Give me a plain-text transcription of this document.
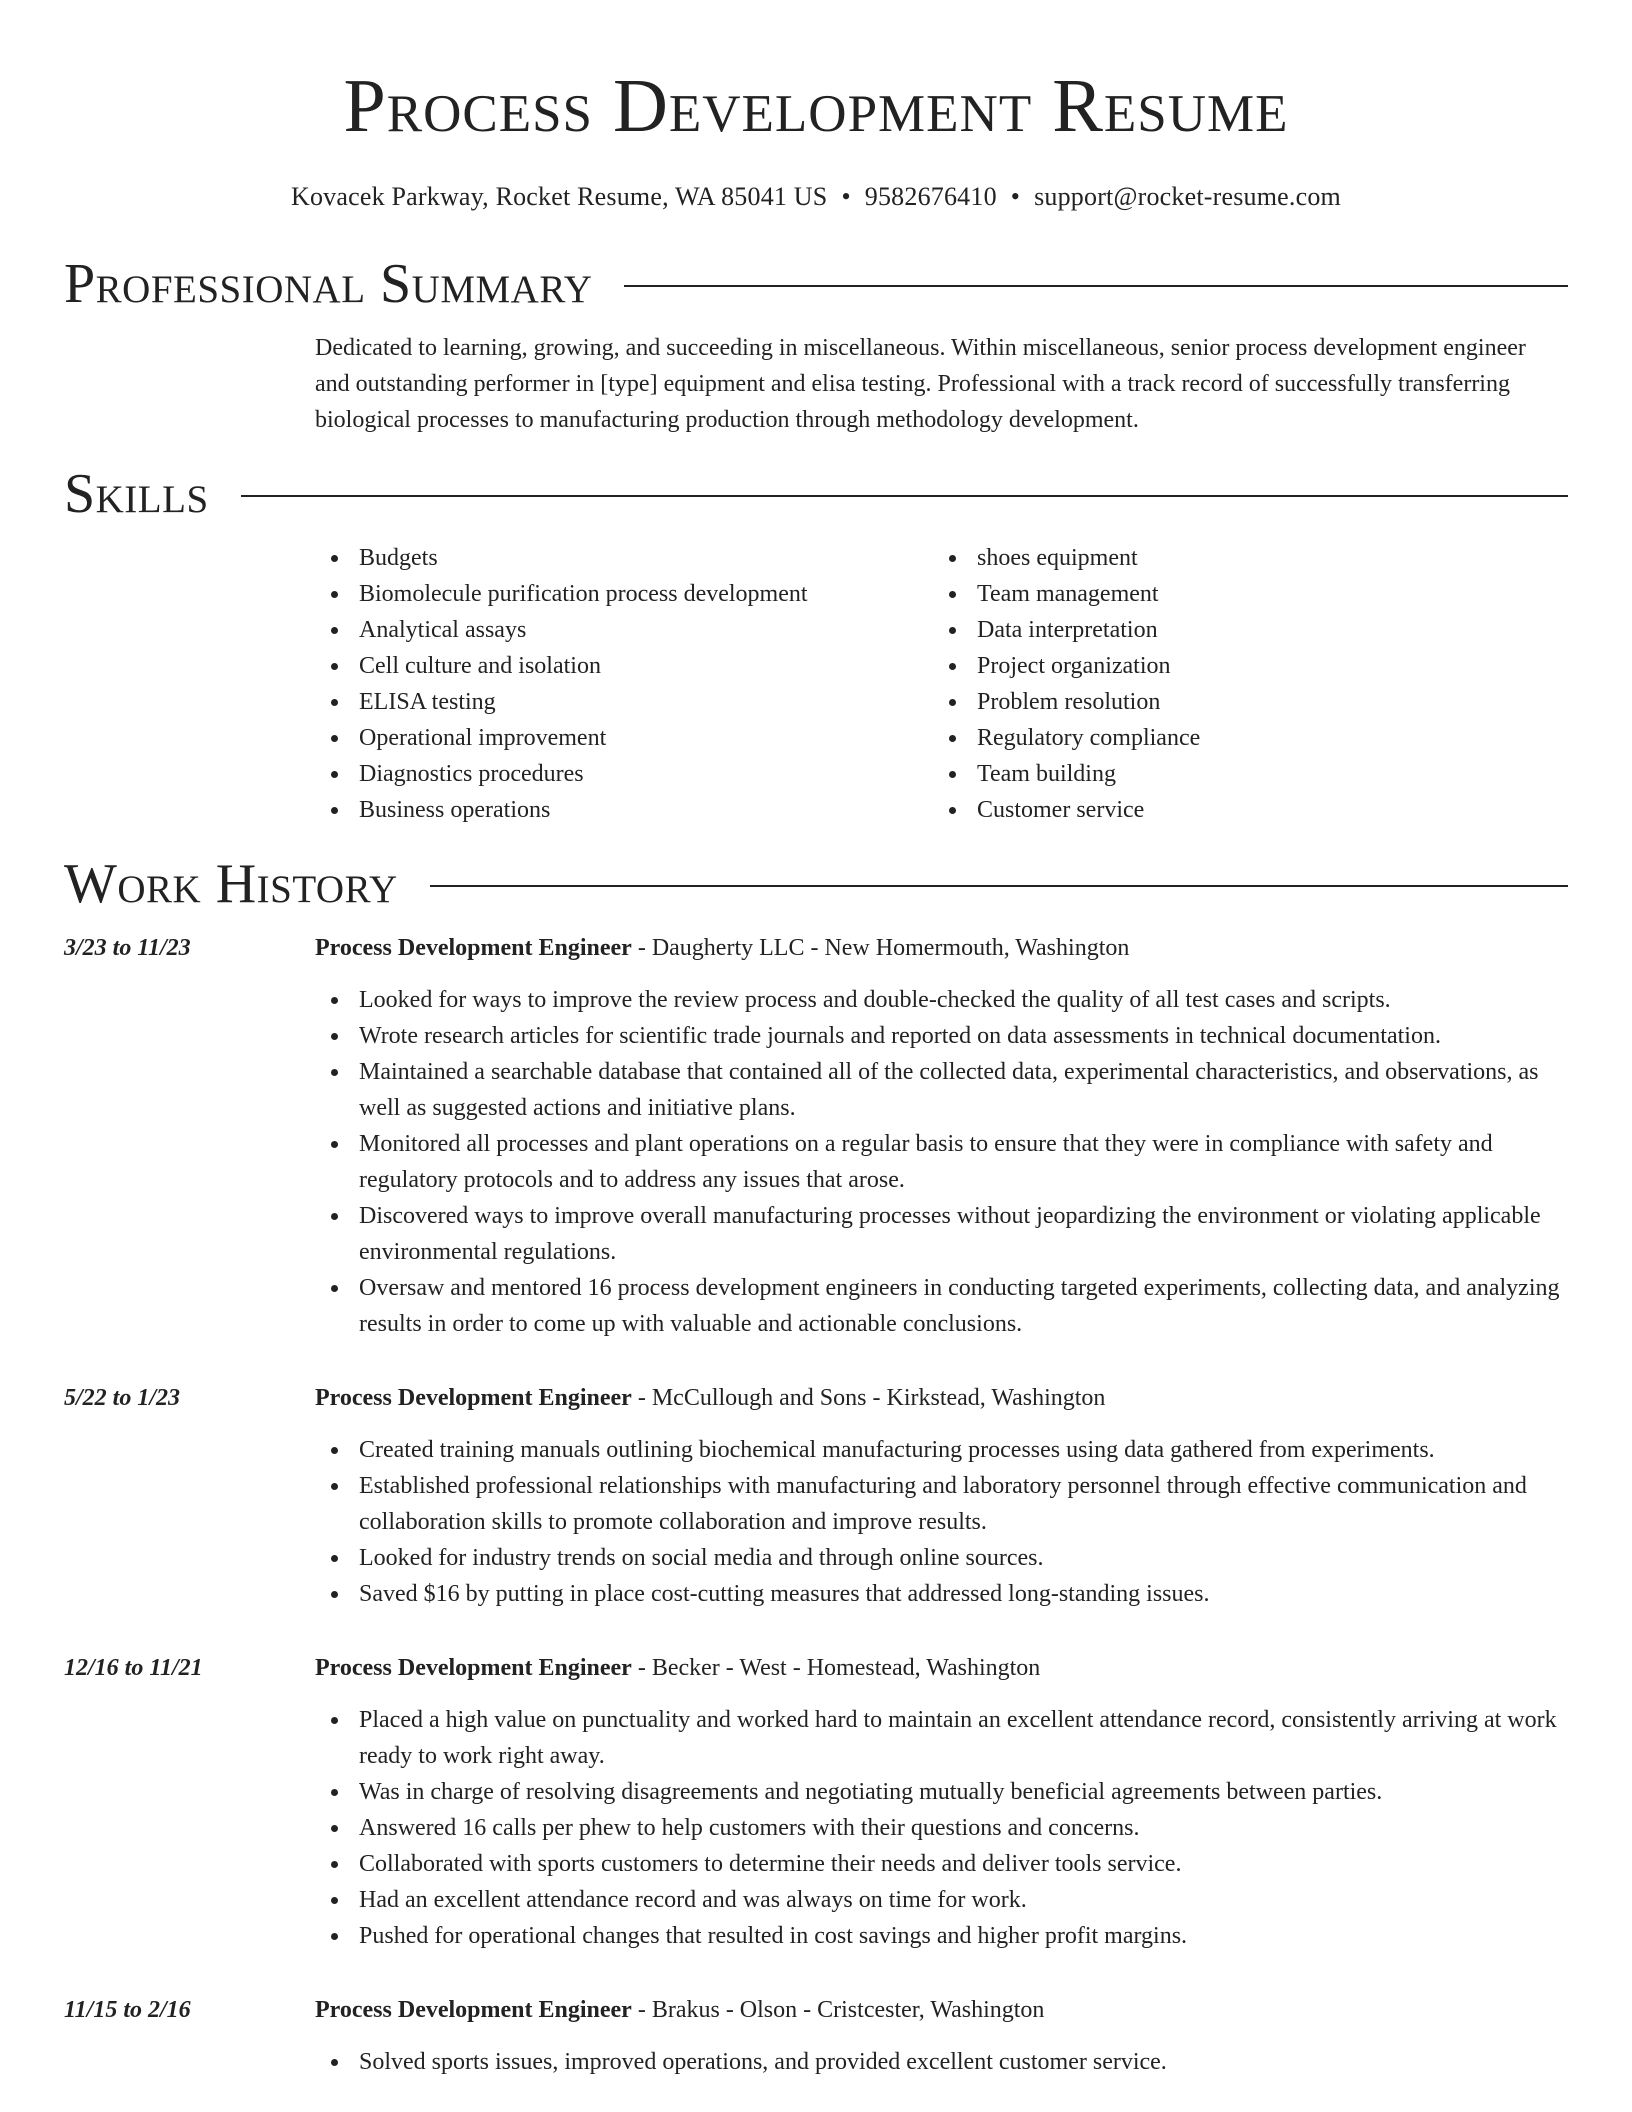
Process Development Resume
Kovacek Parkway, Rocket Resume, WA 85041 US • 9582676410 • support@rocket-resume.com
Professional Summary

Dedicated to learning, growing, and succeeding in miscellaneous. Within miscellaneous, senior process development engineer and outstanding performer in [type] equipment and elisa testing. Professional with a track record of successfully transferring biological processes to manufacturing production through methodology development.

Skills
Budgets
Biomolecule purification process development
Analytical assays
Cell culture and isolation
ELISA testing
Operational improvement
Diagnostics procedures
Business operations
shoes equipment
Team management
Data interpretation
Project organization
Problem resolution
Regulatory compliance
Team building
Customer service
Work History
3/23 to 11/23	Process Development Engineer - Daugherty LLC - New Homermouth, Washington
Looked for ways to improve the review process and double-checked the quality of all test cases and scripts.
Wrote research articles for scientific trade journals and reported on data assessments in technical documentation.
Maintained a searchable database that contained all of the collected data, experimental characteristics, and observations, as well as suggested actions and initiative plans.
Monitored all processes and plant operations on a regular basis to ensure that they were in compliance with safety and regulatory protocols and to address any issues that arose.
Discovered ways to improve overall manufacturing processes without jeopardizing the environment or violating applicable environmental regulations.
Oversaw and mentored 16 process development engineers in conducting targeted experiments, collecting data, and analyzing results in order to come up with valuable and actionable conclusions.
5/22 to 1/23	Process Development Engineer - McCullough and Sons - Kirkstead, Washington
Created training manuals outlining biochemical manufacturing processes using data gathered from experiments.
Established professional relationships with manufacturing and laboratory personnel through effective communication and collaboration skills to promote collaboration and improve results.
Looked for industry trends on social media and through online sources.
Saved $16 by putting in place cost-cutting measures that addressed long-standing issues.
12/16 to 11/21	Process Development Engineer - Becker - West - Homestead, Washington
Placed a high value on punctuality and worked hard to maintain an excellent attendance record, consistently arriving at work ready to work right away.
Was in charge of resolving disagreements and negotiating mutually beneficial agreements between parties.
Answered 16 calls per phew to help customers with their questions and concerns.
Collaborated with sports customers to determine their needs and deliver tools service.
Had an excellent attendance record and was always on time for work.
Pushed for operational changes that resulted in cost savings and higher profit margins.
11/15 to 2/16	Process Development Engineer - Brakus - Olson - Cristcester, Washington
Solved sports issues, improved operations, and provided excellent customer service.
